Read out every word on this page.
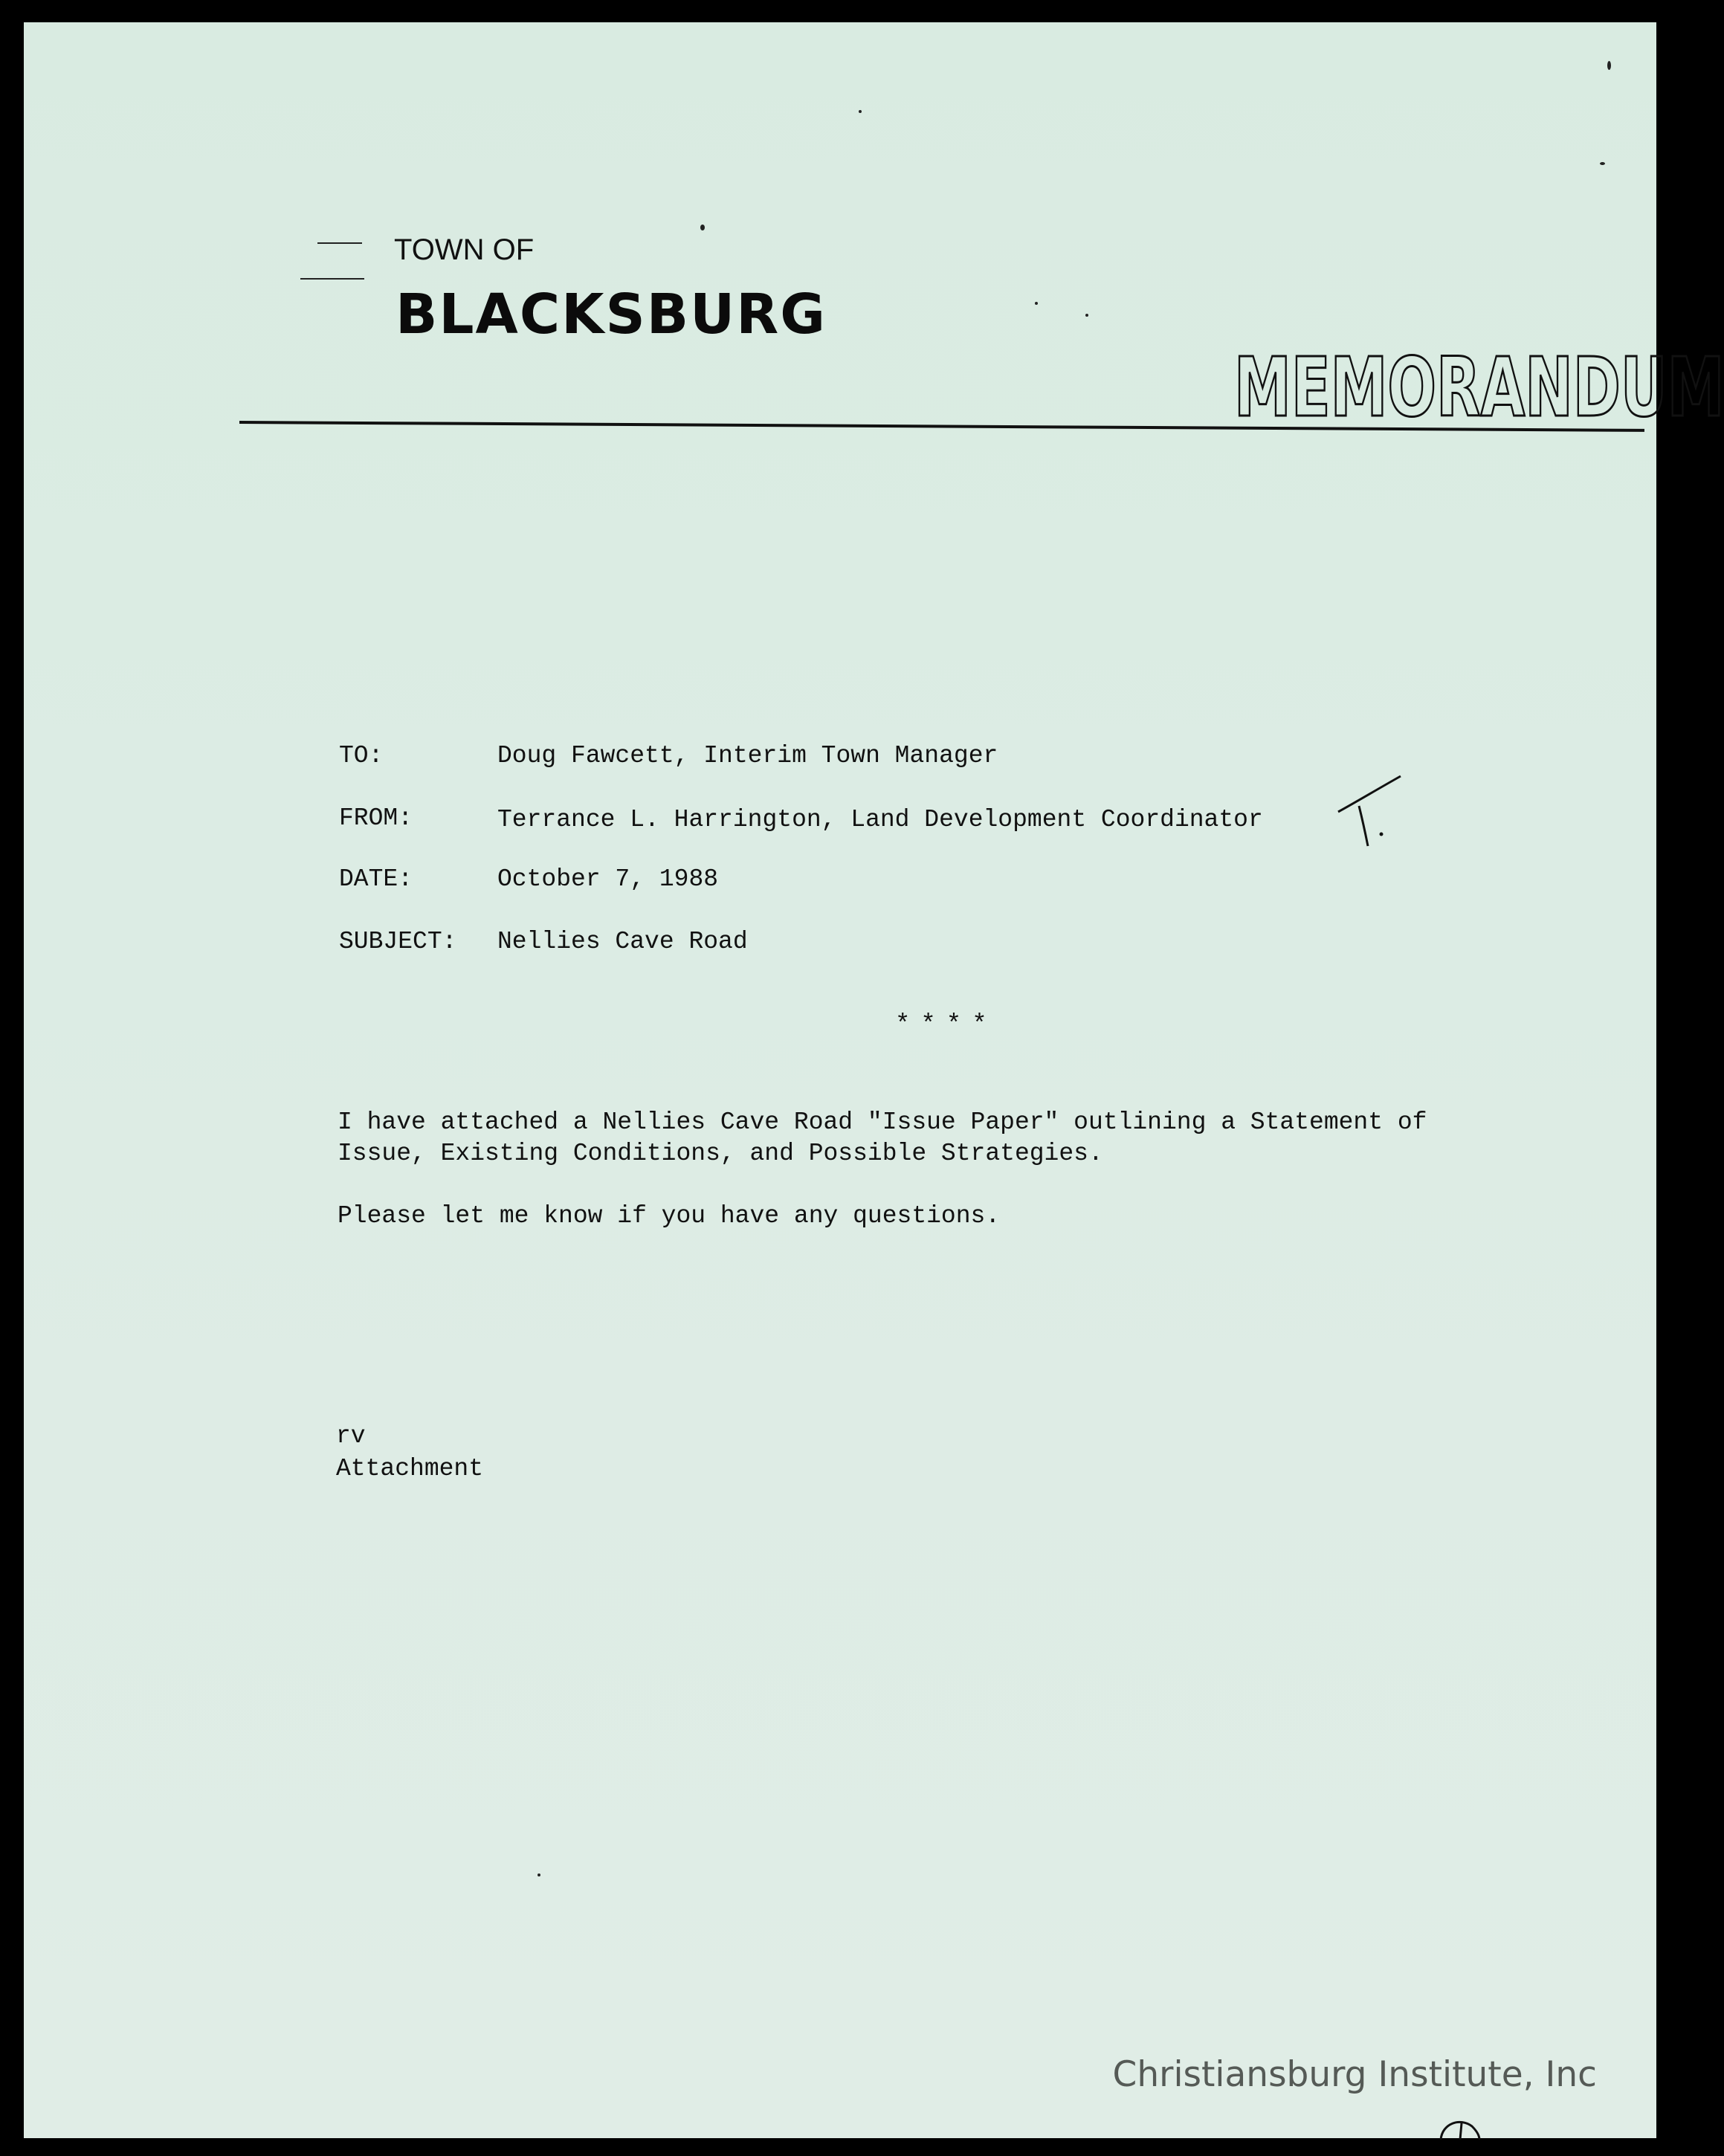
TOWN OF
BLACKSBURG
MEMORANDUM
TO:	Doug Fawcett, Interim Town Manager
FROM:	Terrance L. Harrington, Land Development Coordinator
DATE:	October 7, 1988
SUBJECT: Nellies Cave Road
****
I have attached a Nellies Cave Road "Issue Paper" outlining a Statement of
Issue, Existing Conditions, and Possible Strategies.
Please let me know if you have any questions.
rv
Attachment
Christiansburg Institute, Inc
